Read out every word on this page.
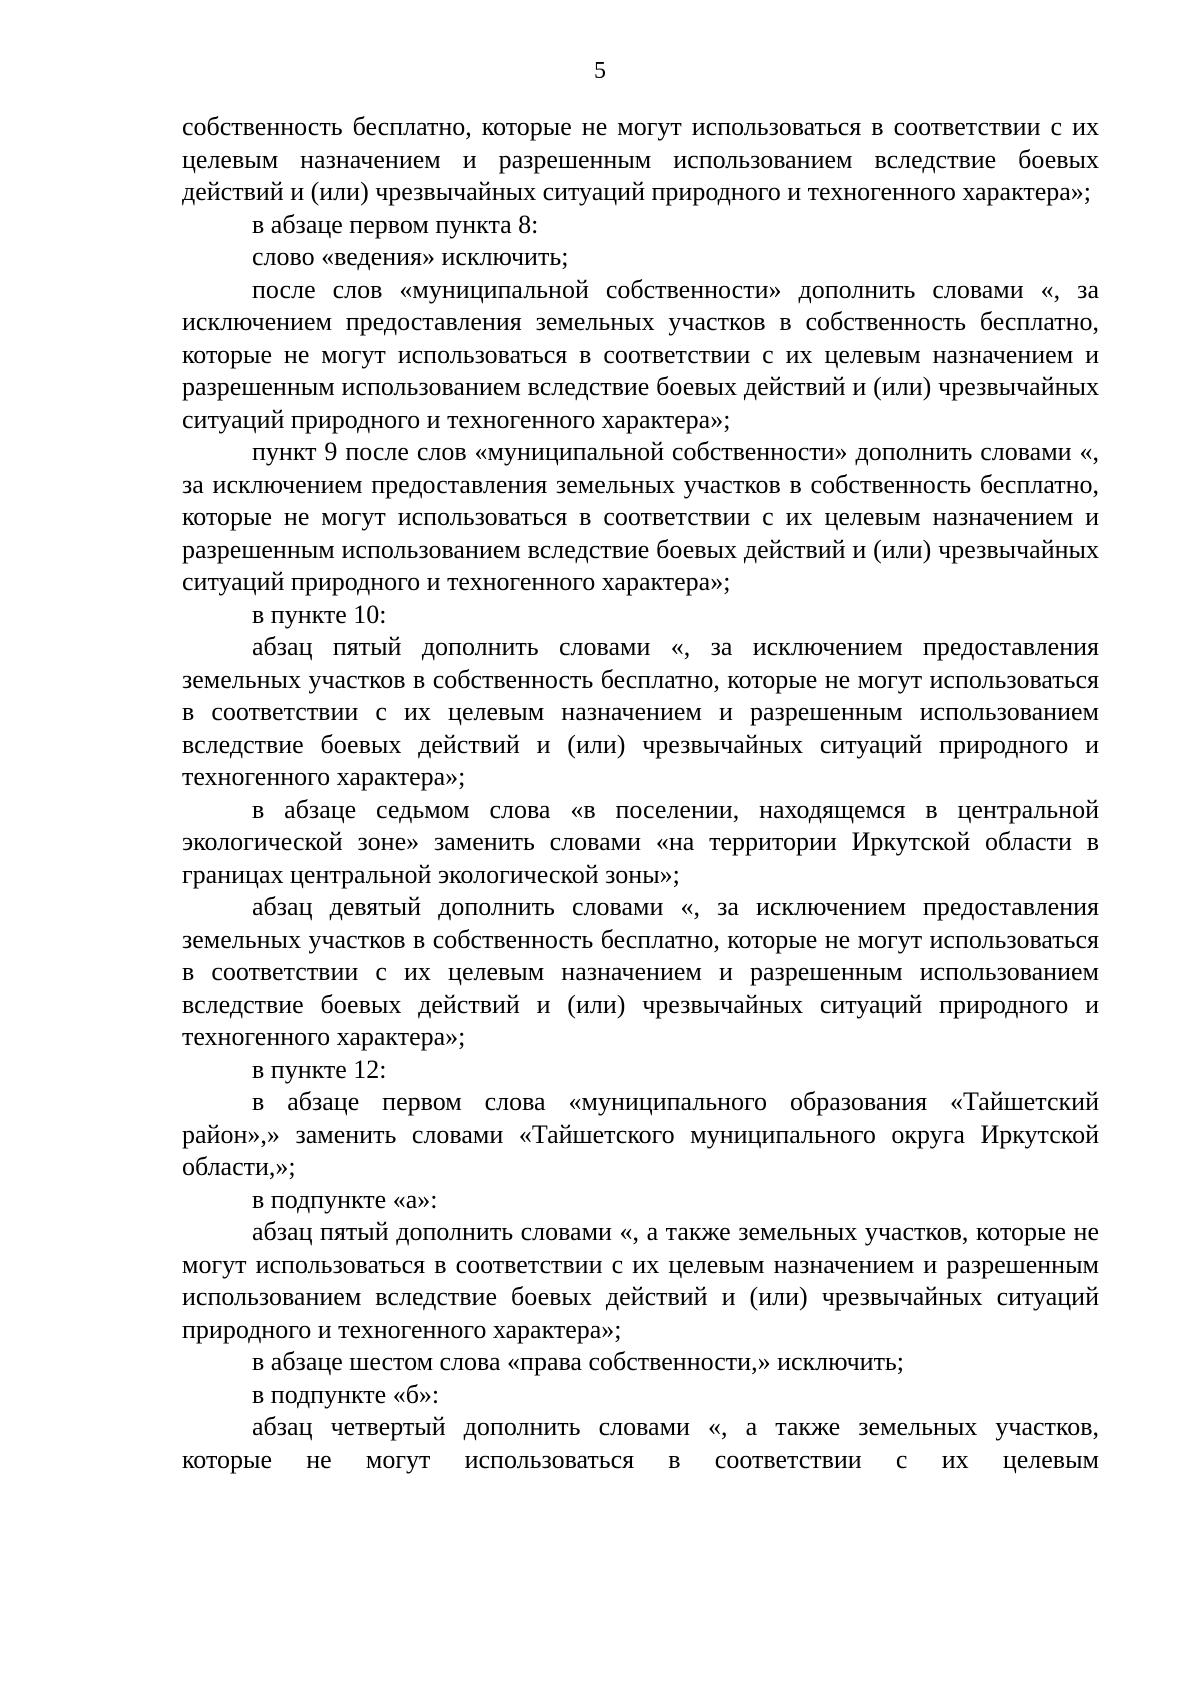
5

собственность бесплатно, которые не могут использоваться в соответствии с их целевым назначением и разрешенным использованием вследствие боевых действий и (или) чрезвычайных ситуаций природного и техногенного характера»;

в абзаце первом пункта 8:

слово «ведения» исключить;

после слов «муниципальной собственности» дополнить словами «, за исключением предоставления земельных участков в собственность бесплатно, которые не могут использоваться в соответствии с их целевым назначением и разрешенным использованием вследствие боевых действий и (или) чрезвычайных ситуаций природного и техногенного характера»;

пункт 9 после слов «муниципальной собственности» дополнить словами «, за исключением предоставления земельных участков в собственность бесплатно, которые не могут использоваться в соответствии с их целевым назначением и разрешенным использованием вследствие боевых действий и (или) чрезвычайных ситуаций природного и техногенного характера»;

в пункте 10:

абзац пятый дополнить словами «, за исключением предоставления земельных участков в собственность бесплатно, которые не могут использоваться в соответствии с их целевым назначением и разрешенным использованием вследствие боевых действий и (или) чрезвычайных ситуаций природного и техногенного характера»;

в абзаце седьмом слова «в поселении, находящемся в центральной экологической зоне» заменить словами «на территории Иркутской области в границах центральной экологической зоны»;

абзац девятый дополнить словами «, за исключением предоставления земельных участков в собственность бесплатно, которые не могут использоваться в соответствии с их целевым назначением и разрешенным использованием вследствие боевых действий и (или) чрезвычайных ситуаций природного и техногенного характера»;

в пункте 12:

в абзаце первом слова «муниципального образования «Тайшетский район»,» заменить словами «Тайшетского муниципального округа Иркутской области,»;

в подпункте «а»:

абзац пятый дополнить словами «, а также земельных участков, которые не могут использоваться в соответствии с их целевым назначением и разрешенным использованием вследствие боевых действий и (или) чрезвычайных ситуаций природного и техногенного характера»;

в абзаце шестом слова «права собственности,» исключить;

в подпункте «б»:

абзац четвертый дополнить словами «, а также земельных участков, которые не могут использоваться в соответствии с их целевым
